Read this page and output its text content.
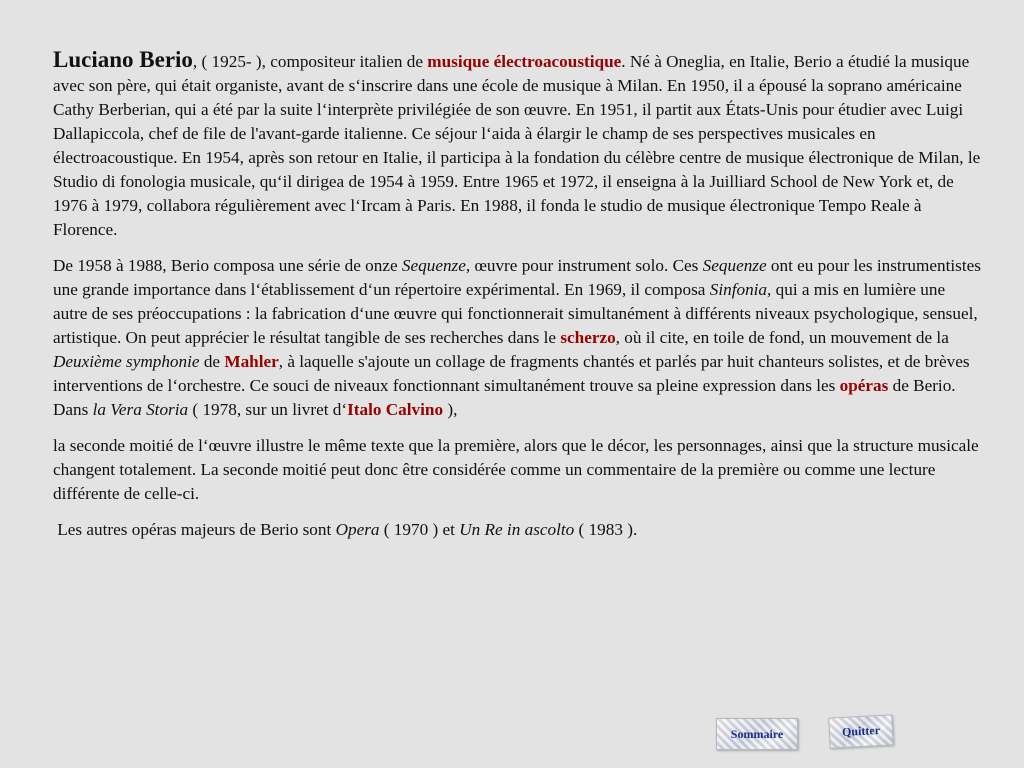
Luciano Berio, ( 1925- ), compositeur italien de musique électroacoustique. Né à Oneglia, en Italie, Berio a étudié la musique avec son père, qui était organiste, avant de s‘inscrire dans une école de musique à Milan. En 1950, il a épousé la soprano américaine Cathy Berberian, qui a été par la suite l‘interprète privilégiée de son œuvre. En 1951, il partit aux États-Unis pour étudier avec Luigi Dallapiccola, chef de file de l'avant-garde italienne. Ce séjour l‘aida à élargir le champ de ses perspectives musicales en électroacoustique. En 1954, après son retour en Italie, il participa à la fondation du célèbre centre de musique électronique de Milan, le Studio di fonologia musicale, qu‘il dirigea de 1954 à 1959. Entre 1965 et 1972, il enseigna à la Juilliard School de New York et, de 1976 à 1979, collabora régulièrement avec l‘Ircam à Paris. En 1988, il fonda le studio de musique électronique Tempo Reale à Florence.

De 1958 à 1988, Berio composa une série de onze Sequenze, œuvre pour instrument solo. Ces Sequenze ont eu pour les instrumentistes une grande importance dans l‘établissement d‘un répertoire expérimental. En 1969, il composa Sinfonia, qui a mis en lumière une autre de ses préoccupations : la fabrication d‘une œuvre qui fonctionnerait simultanément à différents niveaux psychologique, sensuel, artistique. On peut apprécier le résultat tangible de ses recherches dans le scherzo, où il cite, en toile de fond, un mouvement de la Deuxième symphonie de Mahler, à laquelle s'ajoute un collage de fragments chantés et parlés par huit chanteurs solistes, et de brèves interventions de l‘orchestre. Ce souci de niveaux fonctionnant simultanément trouve sa pleine expression dans les opéras de Berio. Dans la Vera Storia ( 1978, sur un livret d‘Italo Calvino ),

la seconde moitié de l‘œuvre illustre le même texte que la première, alors que le décor, les personnages, ainsi que la structure musicale changent totalement. La seconde moitié peut donc être considérée comme un commentaire de la première ou comme une lecture différente de celle-ci.

Les autres opéras majeurs de Berio sont Opera ( 1970 ) et Un Re in ascolto ( 1983 ).

Sommaire	Quitter
